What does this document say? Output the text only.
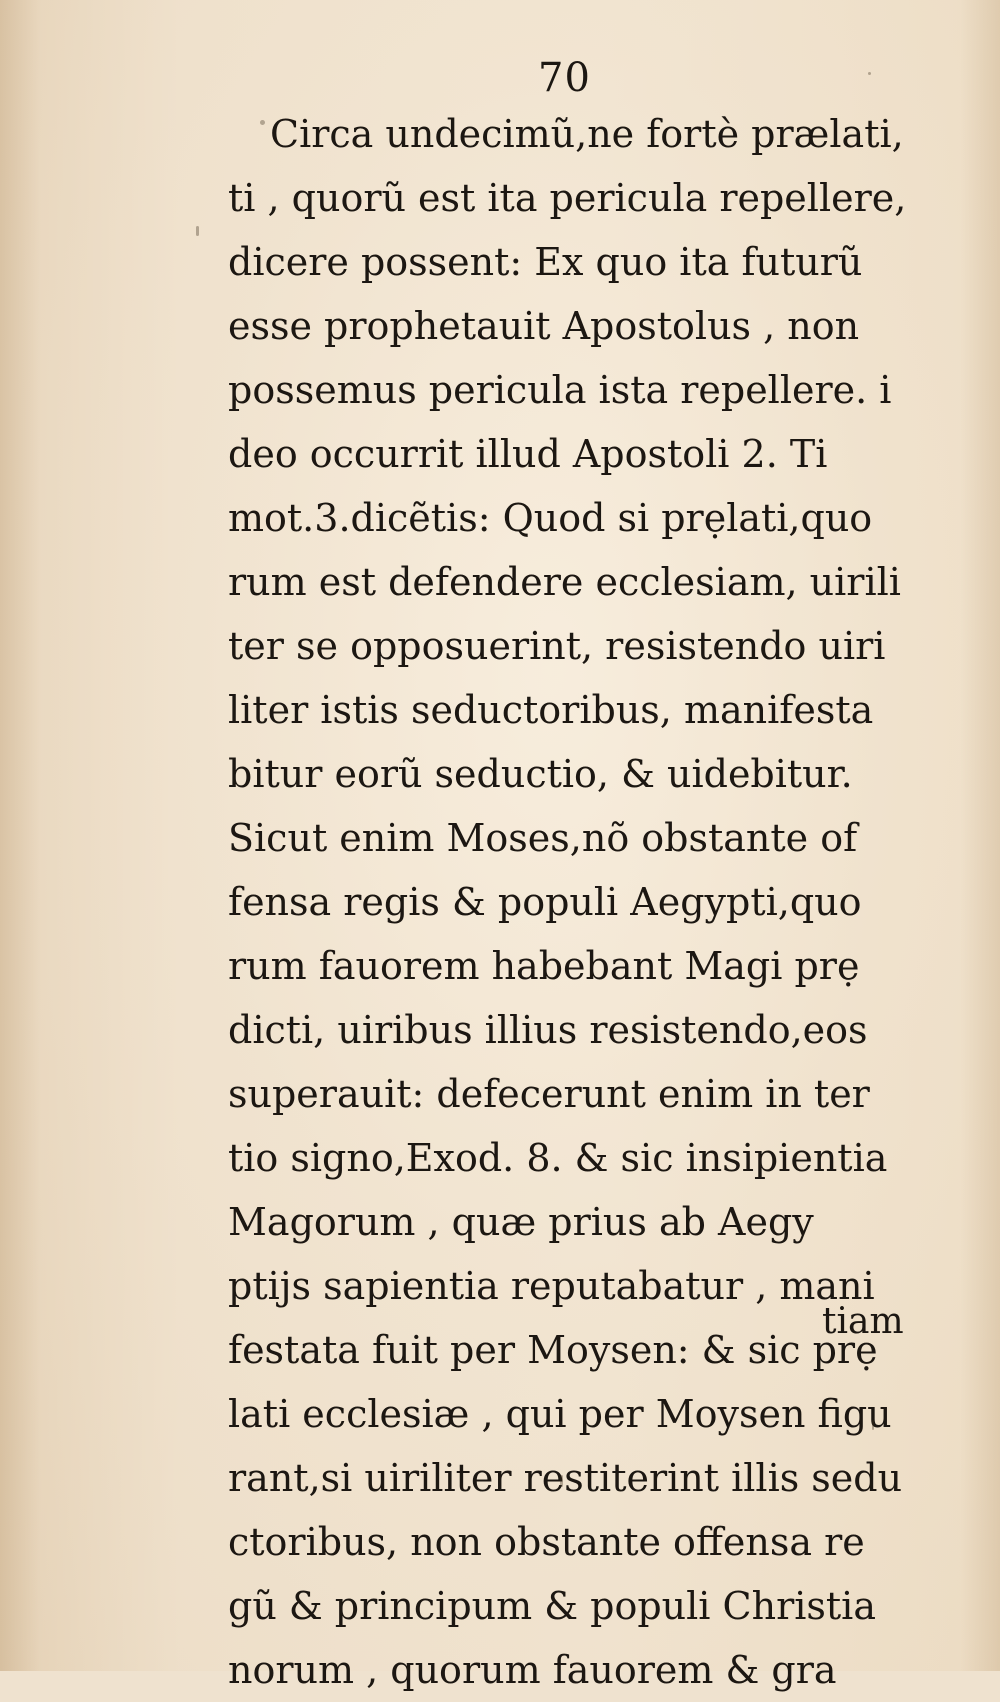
70
Circa undecimũ,ne fortè prælati,
ti , quorũ est ita pericula repellere,
dicere possent: Ex quo ita futurũ
esse prophetauit Apostolus , non
possemus pericula ista repellere. i
deo occurrit illud Apostoli 2. Ti
mot.3.dicẽtis: Quod si prẹlati,quo
rum est defendere ecclesiam, uirili
ter se opposuerint, resistendo uiri
liter istis seductoribus, manifesta
bitur eorũ seductio, & uidebitur.
Sicut enim Moses,nõ obstante of
fensa regis & populi Aegypti,quo
rum fauorem habebant Magi prẹ
dicti, uiribus illius resistendo,eos
superauit: defecerunt enim in ter
tio signo,Exod. 8. & sic insipientia
Magorum , quæ prius ab Aegy
ptijs sapientia reputabatur , mani
festata fuit per Moysen: & sic prẹ
lati ecclesiæ , qui per Moysen figu
rant,si uiriliter restiterint illis sedu
ctoribus, non obstante offensa re
gũ & principum & populi Christia
norum , quorum fauorem & gra
tiam
